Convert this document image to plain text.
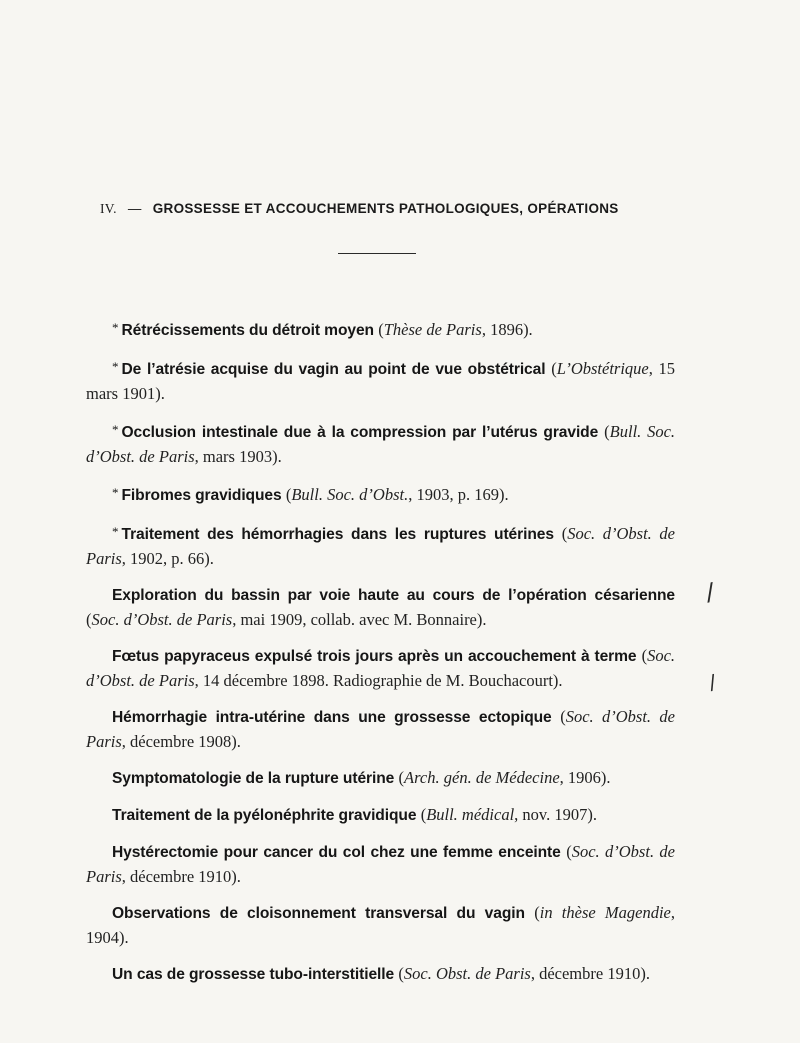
IV. — GROSSESSE ET ACCOUCHEMENTS PATHOLOGIQUES, OPÉRATIONS

* Rétrécissements du détroit moyen (Thèse de Paris, 1896).

* De l’atrésie acquise du vagin au point de vue obstétrical (L’Obstétrique, 15 mars 1901).

* Occlusion intestinale due à la compression par l’utérus gravide (Bull. Soc. d’Obst. de Paris, mars 1903).

* Fibromes gravidiques (Bull. Soc. d’Obst., 1903, p. 169).

* Traitement des hémorrhagies dans les ruptures utérines (Soc. d’Obst. de Paris, 1902, p. 66).

Exploration du bassin par voie haute au cours de l’opération césarienne (Soc. d’Obst. de Paris, mai 1909, collab. avec M. Bonnaire).

Fœtus papyraceus expulsé trois jours après un accouchement à terme (Soc. d’Obst. de Paris, 14 décembre 1898. Radiographie de M. Bouchacourt).

Hémorrhagie intra-utérine dans une grossesse ectopique (Soc. d’Obst. de Paris, décembre 1908).

Symptomatologie de la rupture utérine (Arch. gén. de Médecine, 1906).

Traitement de la pyélonéphrite gravidique (Bull. médical, nov. 1907).

Hystérectomie pour cancer du col chez une femme enceinte (Soc. d’Obst. de Paris, décembre 1910).

Observations de cloisonnement transversal du vagin (in thèse Magendie, 1904).

Un cas de grossesse tubo-interstitielle (Soc. Obst. de Paris, décembre 1910).

/
/
